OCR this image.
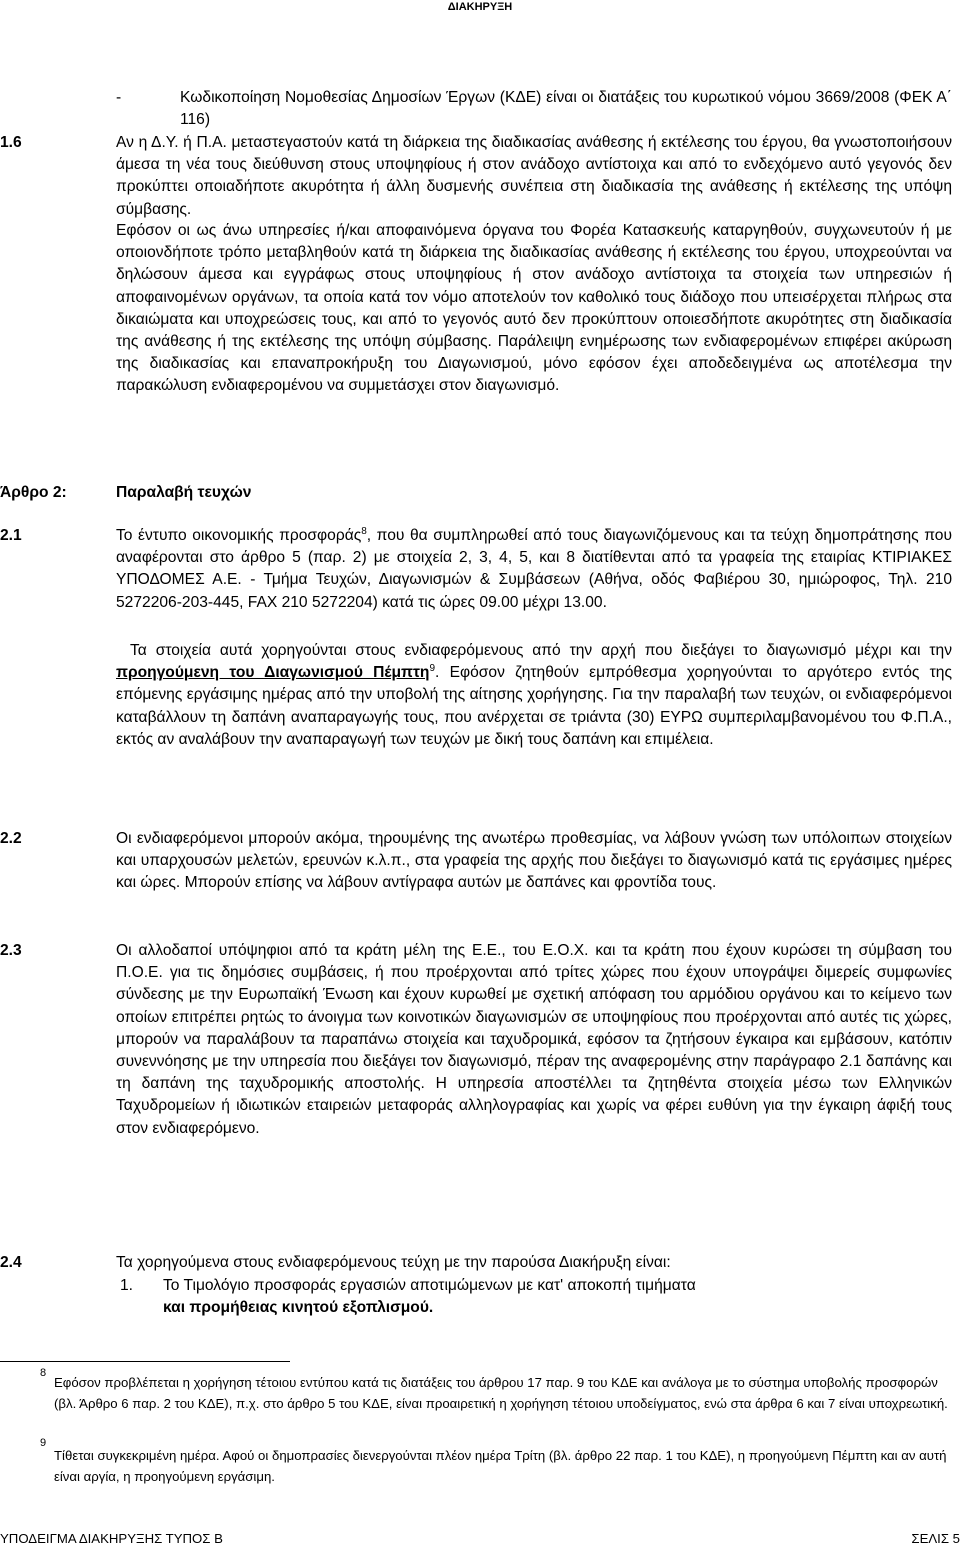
ΔΙΑΚΗΡΥΞΗ
-	Κωδικοποίηση Νομοθεσίας Δημοσίων Έργων (ΚΔΕ) είναι οι διατάξεις του κυρωτικού νόμου 3669/2008 (ΦΕΚ Α΄ 116)
1.6	Αν η Δ.Υ. ή Π.Α. μεταστεγαστούν κατά τη διάρκεια της διαδικασίας ανάθεσης ή εκτέλεσης του έργου, θα γνωστοποιήσουν άμεσα τη νέα τους διεύθυνση στους υποψηφίους ή στον ανάδοχο αντίστοιχα και από το ενδεχόμενο αυτό γεγονός δεν προκύπτει οποιαδήποτε ακυρότητα ή άλλη δυσμενής συνέπεια στη διαδικασία της ανάθεσης ή εκτέλεσης της υπόψη σύμβασης.
Εφόσον οι ως άνω υπηρεσίες ή/και αποφαινόμενα όργανα του Φορέα Κατασκευής καταργηθούν, συγχωνευτούν ή με οποιονδήποτε τρόπο μεταβληθούν κατά τη διάρκεια της διαδικασίας ανάθεσης ή εκτέλεσης του έργου, υποχρεούνται να δηλώσουν άμεσα και εγγράφως στους υποψηφίους ή στον ανάδοχο αντίστοιχα τα στοιχεία των υπηρεσιών ή αποφαινομένων οργάνων, τα οποία κατά τον νόμο αποτελούν τον καθολικό τους διάδοχο που υπεισέρχεται πλήρως στα δικαιώματα και υποχρεώσεις τους, και από το γεγονός αυτό δεν προκύπτουν οποιεσδήποτε ακυρότητες στη διαδικασία της ανάθεσης ή της εκτέλεσης της υπόψη σύμβασης. Παράλειψη ενημέρωσης των ενδιαφερομένων επιφέρει ακύρωση της διαδικασίας και επαναπροκήρυξη του Διαγωνισμού, μόνο εφόσον έχει αποδεδειγμένα ως αποτέλεσμα την παρακώλυση ενδιαφερομένου να συμμετάσχει στον διαγωνισμό.
Άρθρο 2:	Παραλαβή τευχών
2.1	Το έντυπο οικονομικής προσφοράς$^8$, που θα συμπληρωθεί από τους διαγωνιζόμενους και τα τεύχη δημοπράτησης που αναφέρονται στο άρθρο 5 (παρ. 2) με στοιχεία 2, 3, 4, 5, και 8 διατίθενται από τα γραφεία της εταιρίας ΚΤΙΡΙΑΚΕΣ ΥΠΟΔΟΜΕΣ Α.Ε. - Τμήμα Τευχών, Διαγωνισμών & Συμβάσεων (Αθήνα, οδός Φαβιέρου 30, ημιώροφος, Τηλ. 210 5272206-203-445, FAX 210 5272204) κατά τις ώρες 09.00 μέχρι 13.00.
Τα στοιχεία αυτά χορηγούνται στους ενδιαφερόμενους από την αρχή που διεξάγει το διαγωνισμό μέχρι και την προηγούμενη του Διαγωνισμού Πέμπτη$^9$. Εφόσον ζητηθούν εμπρόθεσμα χορηγούνται το αργότερο εντός της επόμενης εργάσιμης ημέρας από την υποβολή της αίτησης χορήγησης. Για την παραλαβή των τευχών, οι ενδιαφερόμενοι καταβάλλουν τη δαπάνη αναπαραγωγής τους, που ανέρχεται σε τριάντα (30) ΕΥΡΩ συμπεριλαμβανομένου του Φ.Π.Α., εκτός αν αναλάβουν την αναπαραγωγή των τευχών με δική τους δαπάνη και επιμέλεια.
2.2	Οι ενδιαφερόμενοι μπορούν ακόμα, τηρουμένης της ανωτέρω προθεσμίας, να λάβουν γνώση των υπόλοιπων στοιχείων και υπαρχουσών μελετών, ερευνών κ.λ.π., στα γραφεία της αρχής που διεξάγει το διαγωνισμό κατά τις εργάσιμες ημέρες και ώρες. Μπορούν επίσης να λάβουν αντίγραφα αυτών με δαπάνες και φροντίδα τους.
2.3	Οι αλλοδαποί υπόψηφιοι από τα κράτη μέλη της Ε.Ε., του Ε.Ο.Χ. και τα κράτη που έχουν κυρώσει τη σύμβαση του Π.Ο.Ε. για τις δημόσιες συμβάσεις, ή που προέρχονται από τρίτες χώρες που έχουν υπογράψει διμερείς συμφωνίες σύνδεσης με την Ευρωπαϊκή Ένωση και έχουν κυρωθεί με σχετική απόφαση του αρμόδιου οργάνου και το κείμενο των οποίων επιτρέπει ρητώς το άνοιγμα των κοινοτικών διαγωνισμών σε υποψηφίους που προέρχονται από αυτές τις χώρες, μπορούν να παραλάβουν τα παραπάνω στοιχεία και ταχυδρομικά, εφόσον τα ζητήσουν έγκαιρα και εμβάσουν, κατόπιν συνεννόησης με την υπηρεσία που διεξάγει τον διαγωνισμό, πέραν της αναφερομένης στην παράγραφο 2.1 δαπάνης και τη δαπάνη της ταχυδρομικής αποστολής. Η υπηρεσία αποστέλλει τα ζητηθέντα στοιχεία μέσω των Ελληνικών Ταχυδρομείων ή ιδιωτικών εταιρειών μεταφοράς αλληλογραφίας και χωρίς να φέρει ευθύνη για την έγκαιρη άφιξή τους στον ενδιαφερόμενο.
2.4	Τα χορηγούμενα στους ενδιαφερόμενους τεύχη με την παρούσα Διακήρυξη είναι:
1. Το Τιμολόγιο προσφοράς εργασιών αποτιμώμενων με κατ' αποκοπή τιμήματα
και προμήθειας κινητού εξοπλισμού.
8
Εφόσον προβλέπεται η χορήγηση τέτοιου εντύπου κατά τις διατάξεις του άρθρου 17 παρ. 9 του ΚΔΕ και ανάλογα με το σύστημα υποβολής προσφορών (βλ. Άρθρο 6 παρ. 2 του ΚΔΕ), π.χ. στο άρθρο 5 του ΚΔΕ, είναι προαιρετική η χορήγηση τέτοιου υποδείγματος, ενώ στα άρθρα 6 και 7 είναι υποχρεωτική.
9
Τίθεται συγκεκριμένη ημέρα. Αφού οι δημοπρασίες διενεργούνται πλέον ημέρα Τρίτη (βλ. άρθρο 22 παρ. 1 του ΚΔΕ), η προηγούμενη Πέμπτη και αν αυτή είναι αργία, η προηγούμενη εργάσιμη.
ΥΠΟΔΕΙΓΜΑ ΔΙΑΚΗΡΥΞΗΣ ΤΥΠΟΣ Β	ΣΕΛΙΣ 5
